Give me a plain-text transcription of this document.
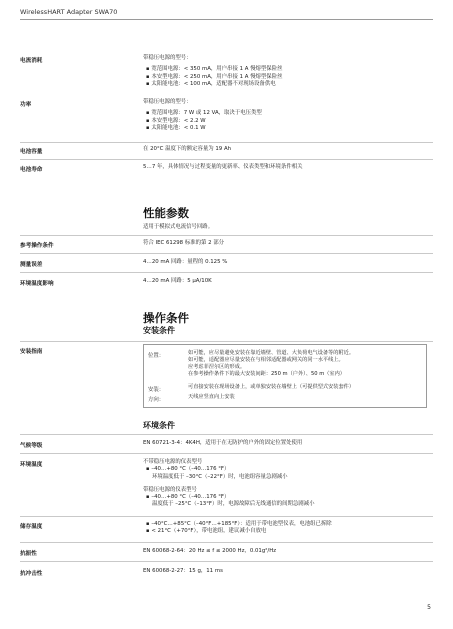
WirelessHART Adapter SWA70
电流消耗	带稳压电源的型号：
▪ 宽范围电源：< 350 mA，用户串接 1 A 慢熔型保险丝
▪ 本安型电源：< 250 mA，用户串接 1 A 慢熔型保险丝
▪ 太阳能电池：< 100 mA，适配器不对现场设备供电
功率	带稳压电源的型号：
▪ 宽范围电源：7 W 或 12 VA，取决于电压类型
▪ 本安型电源：< 2.2 W
▪ 太阳能电池：< 0.1 W
电池容量	在 20°C 温度下的额定容量为 19 Ah
电池寿命	5…7 年，具体情况与过程变量的更新率、仪表类型和环境条件相关
性能参数
适用于模拟式电流信号回路。
参考操作条件	符合 IEC 61298 标准的第 2 部分
测量误差	4…20 mA 回路：量程的 0.125 %
环境温度影响	4…20 mA 回路：5 µA/10K
操作条件
安装条件
安装指南
位置：	如可能，应尽量避免安装在靠近墙壁、管道、大负荷电气设备等的附近。
如可能，适配器应尽量安装在与相邻适配器或网关的同一水平线上。
应考虑菲涅尔区的形成。
在参考操作条件下的最大安装间距：250 m（户外）、50 m（室内）
安装：	可直接安装在现场设备上，或单独安装在墙壁上（可提供型式安装套件）
方向：	天线应竖直向上安装
环境条件
气候等级	EN 60721-3-4：4K4H，适用于在无防护的户外的固定位置处使用
环境温度	不带稳压电源的仪表型号
▪ –40…+80 °C（–40…176 °F）
环境温度低于 –30°C（–22°F）时，电池组容量急剧减小
带稳压电源的仪表型号
▪ –40…+80 °C（–40…176 °F）
温度低于 –25°C（–13°F）时，电源故障后无线通信的间期急剧减小
储存温度
▪	–40°C…+85°C（–40°F…+185°F）：适用于带电池型仪表，电池组已拆除
▪ < 21°C（+70°F），带电池组，建议减小自放电
抗振性	EN 60068-2-64：20 Hz ≤ f ≤ 2000 Hz，0.01g²/Hz
抗冲击性	EN 60068-2-27：15 g，11 ms
5
